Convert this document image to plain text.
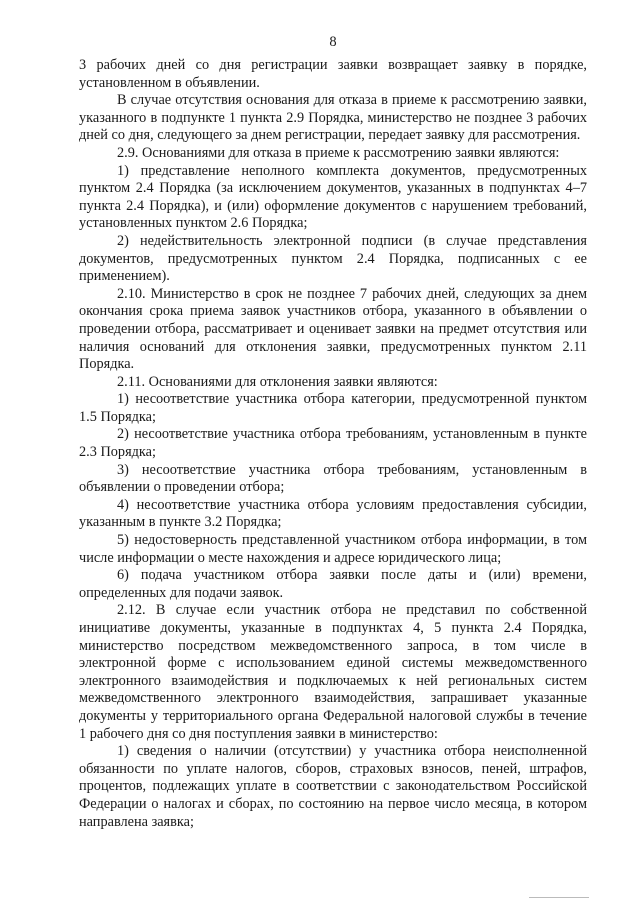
8

3 рабочих дней со дня регистрации заявки возвращает заявку в порядке, установленном в объявлении.

В случае отсутствия основания для отказа в приеме к рассмотрению заявки, указанного в подпункте 1 пункта 2.9 Порядка, министерство не позднее 3 рабочих дней со дня, следующего за днем регистрации, передает заявку для рассмотрения.

2.9. Основаниями для отказа в приеме к рассмотрению заявки являются:

1) представление неполного комплекта документов, предусмотренных пунктом 2.4 Порядка (за исключением документов, указанных в подпунктах 4–7 пункта 2.4 Порядка), и (или) оформление документов с нарушением требований, установленных пунктом 2.6 Порядка;

2) недействительность электронной подписи (в случае представления документов, предусмотренных пунктом 2.4 Порядка, подписанных с ее применением).

2.10. Министерство в срок не позднее 7 рабочих дней, следующих за днем окончания срока приема заявок участников отбора, указанного в объявлении о проведении отбора, рассматривает и оценивает заявки на предмет отсутствия или наличия оснований для отклонения заявки, предусмотренных пунктом 2.11 Порядка.

2.11. Основаниями для отклонения заявки являются:

1) несоответствие участника отбора категории, предусмотренной пунктом 1.5 Порядка;

2) несоответствие участника отбора требованиям, установленным в пункте 2.3 Порядка;

3) несоответствие участника отбора требованиям, установленным в объявлении о проведении отбора;

4) несоответствие участника отбора условиям предоставления субсидии, указанным в пункте 3.2 Порядка;

5) недостоверность представленной участником отбора информации, в том числе информации о месте нахождения и адресе юридического лица;

6) подача участником отбора заявки после даты и (или) времени, определенных для подачи заявок.

2.12. В случае если участник отбора не представил по собственной инициативе документы, указанные в подпунктах 4, 5 пункта 2.4 Порядка, министерство посредством межведомственного запроса, в том числе в электронной форме с использованием единой системы межведомственного электронного взаимодействия и подключаемых к ней региональных систем межведомственного электронного взаимодействия, запрашивает указанные документы у территориального органа Федеральной налоговой службы в течение 1 рабочего дня со дня поступления заявки в министерство:

1) сведения о наличии (отсутствии) у участника отбора неисполненной обязанности по уплате налогов, сборов, страховых взносов, пеней, штрафов, процентов, подлежащих уплате в соответствии с законодательством Российской Федерации о налогах и сборах, по состоянию на первое число месяца, в котором направлена заявка;
